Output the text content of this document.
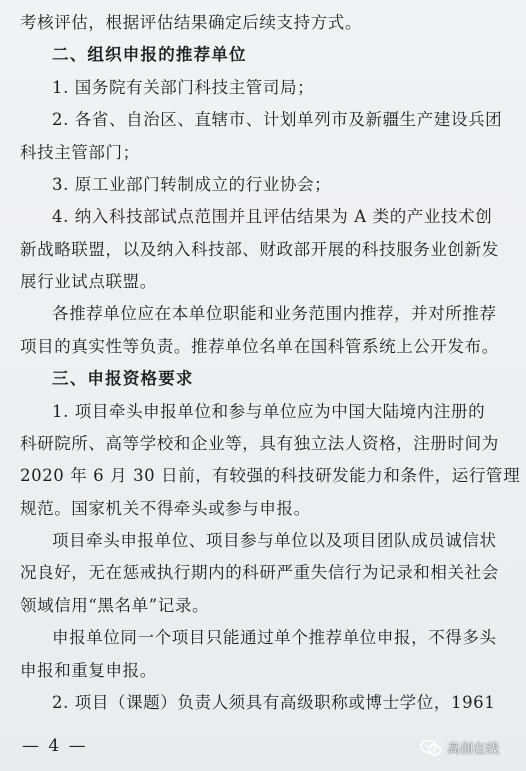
考核评估，根据评估结果确定后续支持方式。
二、组织申报的推荐单位
1. 国务院有关部门科技主管司局；
2. 各省、自治区、直辖市、计划单列市及新疆生产建设兵团
科技主管部门；
3. 原工业部门转制成立的行业协会；
4. 纳入科技部试点范围并且评估结果为 A 类的产业技术创
新战略联盟，以及纳入科技部、财政部开展的科技服务业创新发
展行业试点联盟。
各推荐单位应在本单位职能和业务范围内推荐，并对所推荐
项目的真实性等负责。推荐单位名单在国科管系统上公开发布。
三、申报资格要求
1. 项目牵头申报单位和参与单位应为中国大陆境内注册的
科研院所、高等学校和企业等，具有独立法人资格，注册时间为
2020 年 6 月 30 日前，有较强的科技研发能力和条件，运行管理
规范。国家机关不得牵头或参与申报。
项目牵头申报单位、项目参与单位以及项目团队成员诚信状
况良好，无在惩戒执行期内的科研严重失信行为记录和相关社会
领域信用“黑名单”记录。
申报单位同一个项目只能通过单个推荐单位申报，不得多头
申报和重复申报。
2. 项目（课题）负责人须具有高级职称或博士学位，1961
— 4 —	高创在线
